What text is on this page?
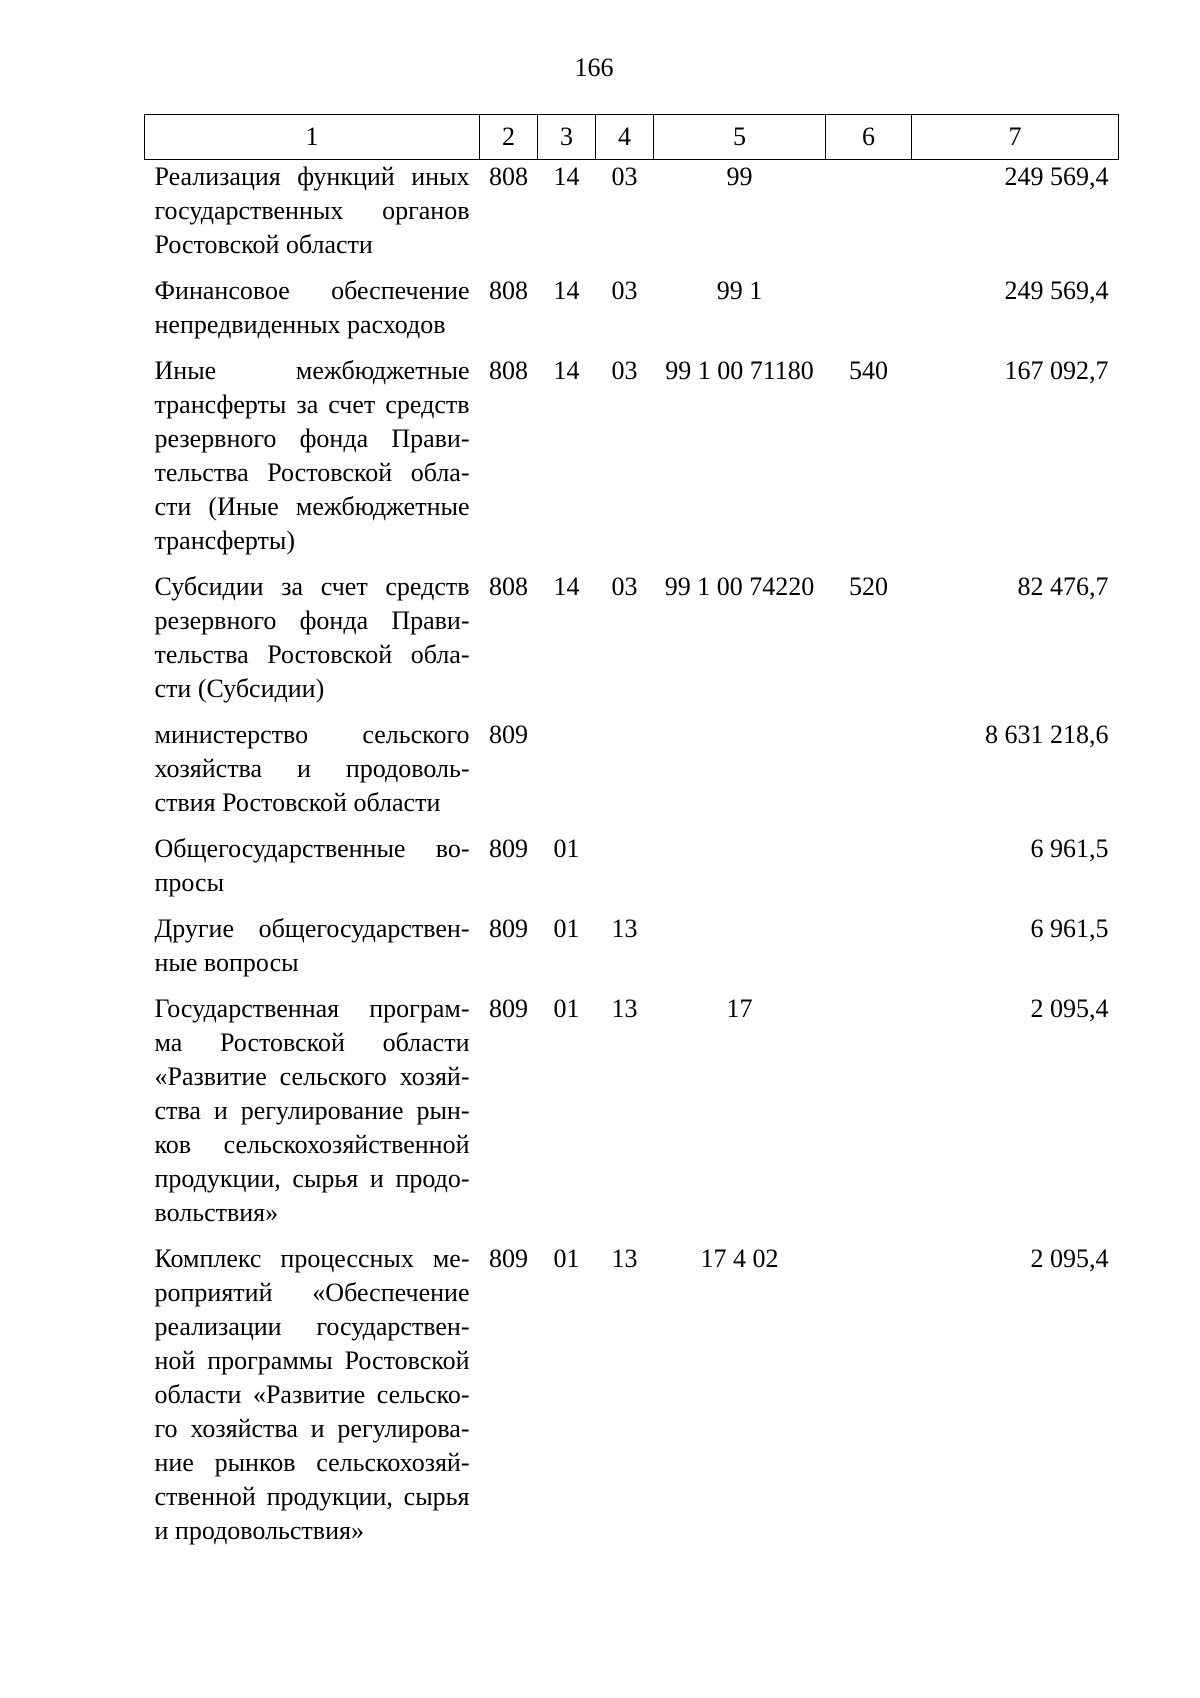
166
1	2	3	4	5	6	7
Реализация функций иных государственных органов Ростовской области	808	14	03	99		249 569,4
Финансовое обеспечение непредвиденных расходов	808	14	03	99 1		249 569,4
Иные межбюджетные трансферты за счет средств резервного фонда Прави-тельства Ростовской обла-сти (Иные межбюджетные трансферты)	808	14	03	99 1 00 71180	540	167 092,7
Субсидии за счет средств резервного фонда Прави-тельства Ростовской обла-сти (Субсидии)	808	14	03	99 1 00 74220	520	82 476,7
министерство сельского хозяйства и продоволь-ствия Ростовской области	809					8 631 218,6
Общегосударственные во-просы	809	01				6 961,5
Другие общегосударствен-ные вопросы	809	01	13			6 961,5
Государственная програм-ма Ростовской области «Развитие сельского хозяй-ства и регулирование рын-ков сельскохозяйственной продукции, сырья и продо-вольствия»	809	01	13	17		2 095,4
Комплекс процессных ме-роприятий «Обеспечение реализации государствен-ной программы Ростовской области «Развитие сельско-го хозяйства и регулирова-ние рынков сельскохозяй-ственной продукции, сырья и продовольствия»	809	01	13	17 4 02		2 095,4
